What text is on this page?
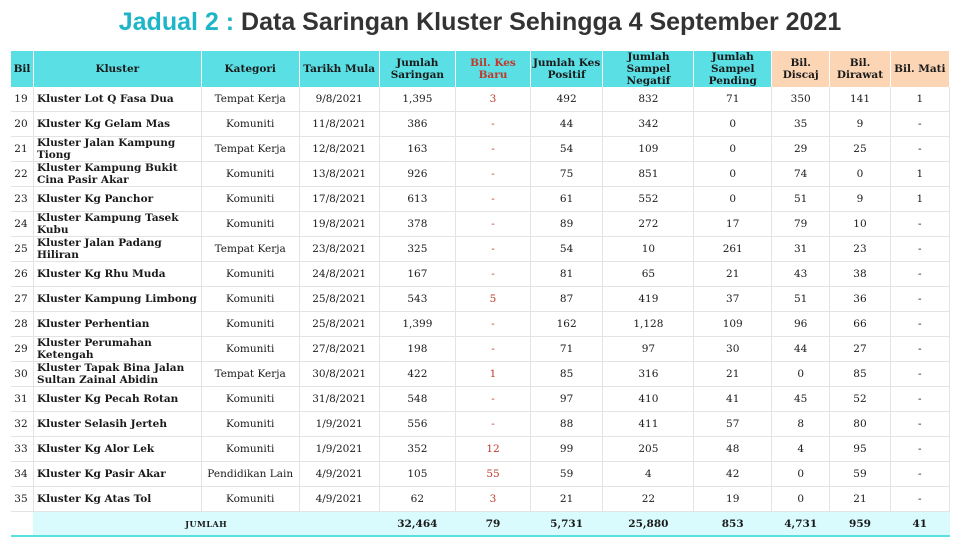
Jadual 2 : Data Saringan Kluster Sehingga 4 September 2021
Bil	Kluster	Kategori	Tarikh Mula	Jumlah Saringan	Bil. Kes Baru	Jumlah Kes Positif	Jumlah Sampel Negatif	Jumlah Sampel Pending	Bil. Discaj	Bil. Dirawat	Bil. Mati
19	Kluster Lot Q Fasa Dua	Tempat Kerja	9/8/2021	1,395	3	492	832	71	350	141	1
20	Kluster Kg Gelam Mas	Komuniti	11/8/2021	386	-	44	342	0	35	9	-
21	Kluster Jalan Kampung Tiong	Tempat Kerja	12/8/2021	163	-	54	109	0	29	25	-
22	Kluster Kampung Bukit Cina Pasir Akar	Komuniti	13/8/2021	926	-	75	851	0	74	0	1
23	Kluster Kg Panchor	Komuniti	17/8/2021	613	-	61	552	0	51	9	1
24	Kluster Kampung Tasek Kubu	Komuniti	19/8/2021	378	-	89	272	17	79	10	-
25	Kluster Jalan Padang Hiliran	Tempat Kerja	23/8/2021	325	-	54	10	261	31	23	-
26	Kluster Kg Rhu Muda	Komuniti	24/8/2021	167	-	81	65	21	43	38	-
27	Kluster Kampung Limbong	Komuniti	25/8/2021	543	5	87	419	37	51	36	-
28	Kluster Perhentian	Komuniti	25/8/2021	1,399	-	162	1,128	109	96	66	-
29	Kluster Perumahan Ketengah	Komuniti	27/8/2021	198	-	71	97	30	44	27	-
30	Kluster Tapak Bina Jalan Sultan Zainal Abidin	Tempat Kerja	30/8/2021	422	1	85	316	21	0	85	-
31	Kluster Kg Pecah Rotan	Komuniti	31/8/2021	548	-	97	410	41	45	52	-
32	Kluster Selasih Jerteh	Komuniti	1/9/2021	556	-	88	411	57	8	80	-
33	Kluster Kg Alor Lek	Komuniti	1/9/2021	352	12	99	205	48	4	95	-
34	Kluster Kg Pasir Akar	Pendidikan Lain	4/9/2021	105	55	59	4	42	0	59	-
35	Kluster Kg Atas Tol	Komuniti	4/9/2021	62	3	21	22	19	0	21	-
	JUMLAH			32,464	79	5,731	25,880	853	4,731	959	41
